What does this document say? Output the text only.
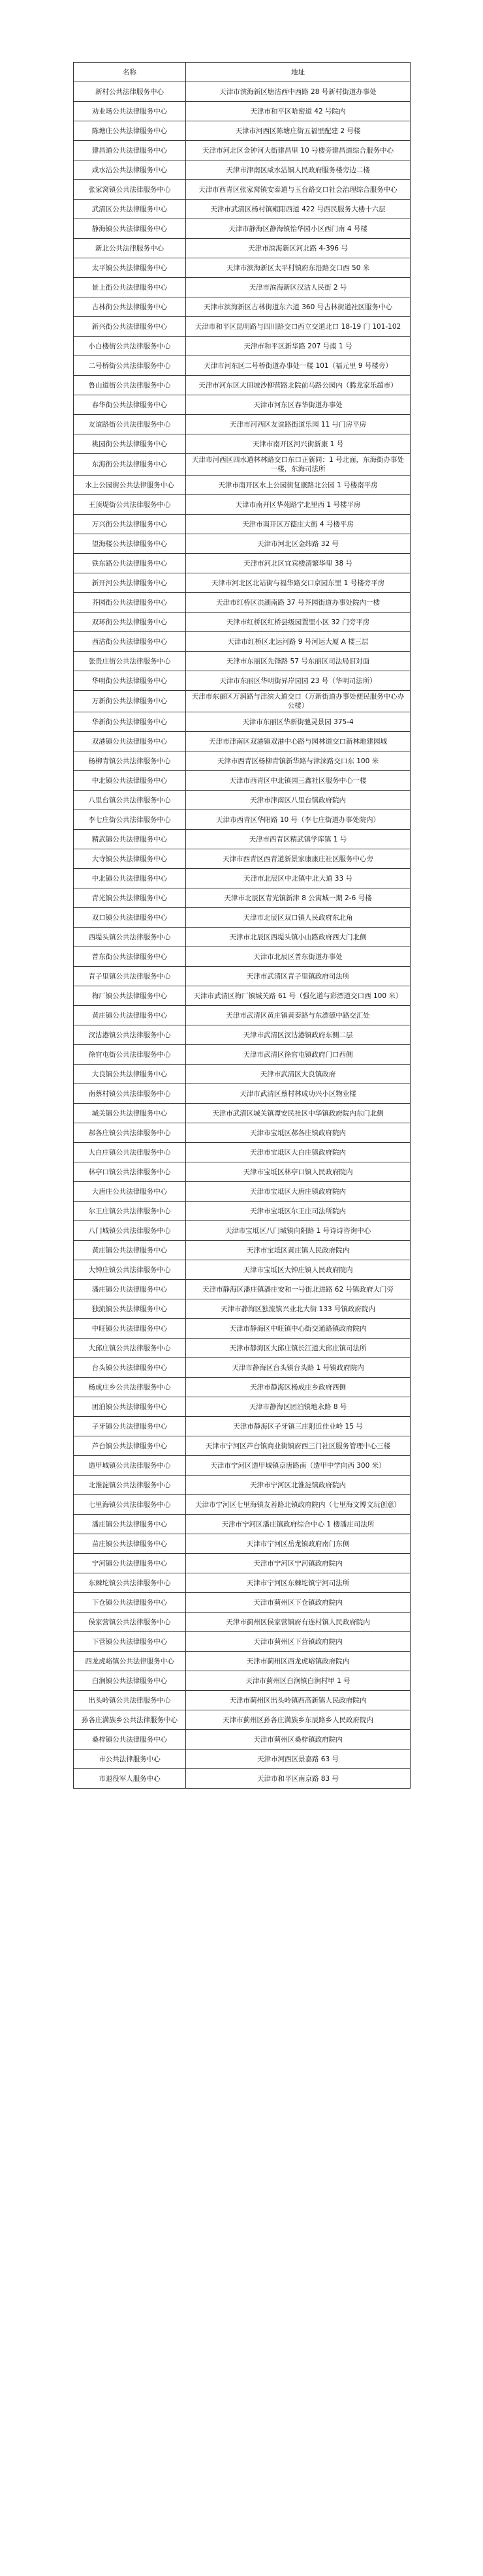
名称	地址
新村公共法律服务中心	天津市滨海新区塘沽西中西路 28 号新村街道办事处
劝业场公共法律服务中心	天津市和平区哈密道 42 号院内
陈塘庄公共法律服务中心	天津市河西区陈塘庄街五福里配建 2 号楼
建昌道公共法律服务中心	天津市河北区金钟河大街建昌里 10 号楼旁建昌道综合服务中心
咸水沽公共法律服务中心	天津市津南区咸水沽镇人民政府服务楼旁边二楼
张家窝镇公共法律服务中心	天津市西青区张家窝镇安泰道与玉台路交口社会治理综合服务中心
武清区公共法律服务中心	天津市武清区杨村镇雍阳西道 422 号西民服务大楼十六层
静海镇公共法律服务中心	天津市静海区静海镇怡华园小区西门南 4 号楼
新北公共法律服务中心	天津市滨海新区河北路 4-396 号
太平镇公共法律服务中心	天津市滨海新区太平村镇府东沿路交口西 50 米
景上街公共法律服务中心	天津市滨海新区汉沽人民街 2 号
古林街公共法律服务中心	天津市滨海新区古林街道东六道 360 号古林街道社区服务中心
新兴街公共法律服务中心	天津市和平区昆明路与四川路交口西立交道北口 18-19 门 101-102
小白楼街公共法律服务中心	天津市和平区新华路 207 号南 1 号
二号桥街公共法律服务中心	天津市河东区二号桥街道办事处一楼 101（福元里 9 号楼旁）
鲁山道街公共法律服务中心	天津市河东区大田坡沙柳营路北院前马路公园内（腾龙家乐超市）
春华街公共法律服务中心	天津市河东区春华街道办事处
友谊路街公共法律服务中心	天津市河西区友谊路街道乐园 11 号门房平房
桃园街公共法律服务中心	天津市南开区河兴街新康 1 号
东海街公共法律服务中心	天津市河西区四水道林林路交口东口正新同：1 号北面，东海街办事处一楼，东海司法所
水上公园街公共法律服务中心	天津市南开区水上公园街复康路北公园 1 号楼南平房
王顶堤街公共法律服务中心	天津市南开区华苑路宁北里西 1 号楼平房
万兴街公共法律服务中心	天津市南开区万德庄大街 4 号楼平房
望海楼公共法律服务中心	天津市河北区金纬路 32 号
铁东路公共法律服务中心	天津市河北区宜宾楼清繁华里 38 号
新开河公共法律服务中心	天津市河北区北站街与福华路交口京园东里 1 号楼旁平房
芥园街公共法律服务中心	天津市红桥区洪湖南路 37 号芥园街道办事处院内一楼
双环街公共法律服务中心	天津市红桥区红桥县级园置里小区 32 门旁平房
西沽街公共法律服务中心	天津市红桥区北运河路 9 号河运大厦 A 楼三层
张贵庄街公共法律服务中心	天津市东丽区先锋路 57 号东丽区司法局旧对面
华明街公共法律服务中心	天津市东丽区华明街昇岸园园 23 号（华明司法所）
万新街公共法律服务中心	天津市东丽区万润路与津滨大道交口（万新街道办事处便民服务中心办公楼）
华新街公共法律服务中心	天津市东丽区华新街驰灵景园 375-4
双港镇公共法律服务中心	天津市津南区双港镇双港中心路与园林道交口新林地建园城
杨柳青镇公共法律服务中心	天津市西青区杨柳青镇新华路与津涞路交口东 100 米
中北镇公共法律服务中心	天津市西青区中北镇园三鑫社区服务中心一楼
八里台镇公共法律服务中心	天津市津南区八里台镇政府院内
李七庄街公共法律服务中心	天津市西青区华阳路 10 号（李七庄街道办事处院内）
精武镇公共法律服务中心	天津市西青区精武镇学库镇 1 号
大寺镇公共法律服务中心	天津市西青区西青道新景家康康庄社区服务中心旁
中北镇公共法律服务中心	天津市北辰区中北镇中北大道 33 号
青光镇公共法律服务中心	天津市北辰区青光镇新津 8 公寓城一期 2-6 号楼
双口镇公共法律服务中心	天津市北辰区双口镇人民政府东北角
西堤头镇公共法律服务中心	天津市北辰区西堤头镇小山路政府西大门北侧
普东街公共法律服务中心	天津市北辰区普东街道办事处
青子里镇公共法律服务中心	天津市武清区青子里镇政府司法所
梅厂镇公共法律服务中心	天津市武清区梅厂镇城关路 61 号（强化道与彩漂道交口西 100 米）
黄庄镇公共法律服务中心	天津市武清区黄庄镇黄泰路与东漂德中路交汇处
汊沽港镇公共法律服务中心	天津市武清区汊沽港镇政府东侧二层
徐官屯街公共法律服务中心	天津市武清区徐官屯镇政府门口西侧
大良镇公共法律服务中心	天津市武清区大良镇政府
南蔡村镇公共法律服务中心	天津市武清区蔡村林成功兴小区物业楼
城关镇公共法律服务中心	天津市武清区城关镇谭安民社区中华镇政府院内东门北侧
郝各庄镇公共法律服务中心	天津市宝坻区郝各庄镇政府院内
大白庄镇公共法律服务中心	天津市宝坻区大白庄镇政府院内
林亭口镇公共法律服务中心	天津市宝坻区林亭口镇人民政府院内
大唐庄公共法律服务中心	天津市宝坻区大唐庄镇政府院内
尔王庄镇公共法律服务中心	天津市宝坻区尔王庄司法所院内
八门城镇公共法律服务中心	天津市宝坻区八门城镇向阳路 1 号诗诗咨询中心
黄庄镇公共法律服务中心	天津市宝坻区黄庄镇人民政府院内
大钟庄镇公共法律服务中心	天津市宝坻区大钟庄镇人民政府院内
潘庄镇公共法律服务中心	天津市静海区潘庄镇潘庄安和一号街北进路 62 号镇政府大门旁
独流镇公共法律服务中心	天津市静海区独流镇兴业北大街 133 号镇政府院内
中旺镇公共法律服务中心	天津市静海区中旺镇中心街交通路镇政府院内
大邱庄镇公共法律服务中心	天津市静海区大邱庄镇长江道大邱庄镇司法所
台头镇公共法律服务中心	天津市静海区台头镇台头路 1 号镇政府院内
杨成庄乡公共法律服务中心	天津市静海区杨成庄乡政府西侧
团泊镇公共法律服务中心	天津市静海区团泊镇地永路 8 号
子牙镇公共法律服务中心	天津市静海区子牙镇三庄附近佳业岭 15 号
芦台镇公共法律服务中心	天津市宁河区芦台镇商业街镇府西三门社区服务管理中心三楼
造甲城镇公共法律服务中心	天津市宁河区造甲城镇京唐路南（造甲中学向西 300 米）
北淮淀镇公共法律服务中心	天津市宁河区北淮淀镇政府院内
七里海镇公共法律服务中心	天津市宁河区七里海镇友善路北镇政府院内（七里海文博文玩创意）
潘庄镇公共法律服务中心	天津市宁河区潘庄镇政府综合中心 1 楼潘庄司法所
苗庄镇公共法律服务中心	天津市宁河区岳龙镇政府南门东侧
宁河镇公共法律服务中心	天津市宁河区宁河镇政府院内
东棘坨镇公共法律服务中心	天津市宁河区东棘坨镇宁河司法所
下仓镇公共法律服务中心	天津市蓟州区下仓镇政府院内
侯家营镇公共法律服务中心	天津市蓟州区侯家营镇府有连村镇人民政府院内
下营镇公共法律服务中心	天津市蓟州区下营镇政府院内
西龙虎峪镇公共法律服务中心	天津市蓟州区西龙虎峪镇政府院内
白涧镇公共法律服务中心	天津市蓟州区白涧镇白涧村甲 1 号
出头岭镇公共法律服务中心	天津市蓟州区出头岭镇西高新镇人民政府院内
孙各庄满族乡公共法律服务中心	天津市蓟州区孙各庄满族乡东辰路乡人民政府院内
桑梓镇公共法律服务中心	天津市蓟州区桑梓镇政府院内
市公共法律服务中心	天津市河西区景嘉路 63 号
市退役军人服务中心	天津市和平区南京路 83 号
